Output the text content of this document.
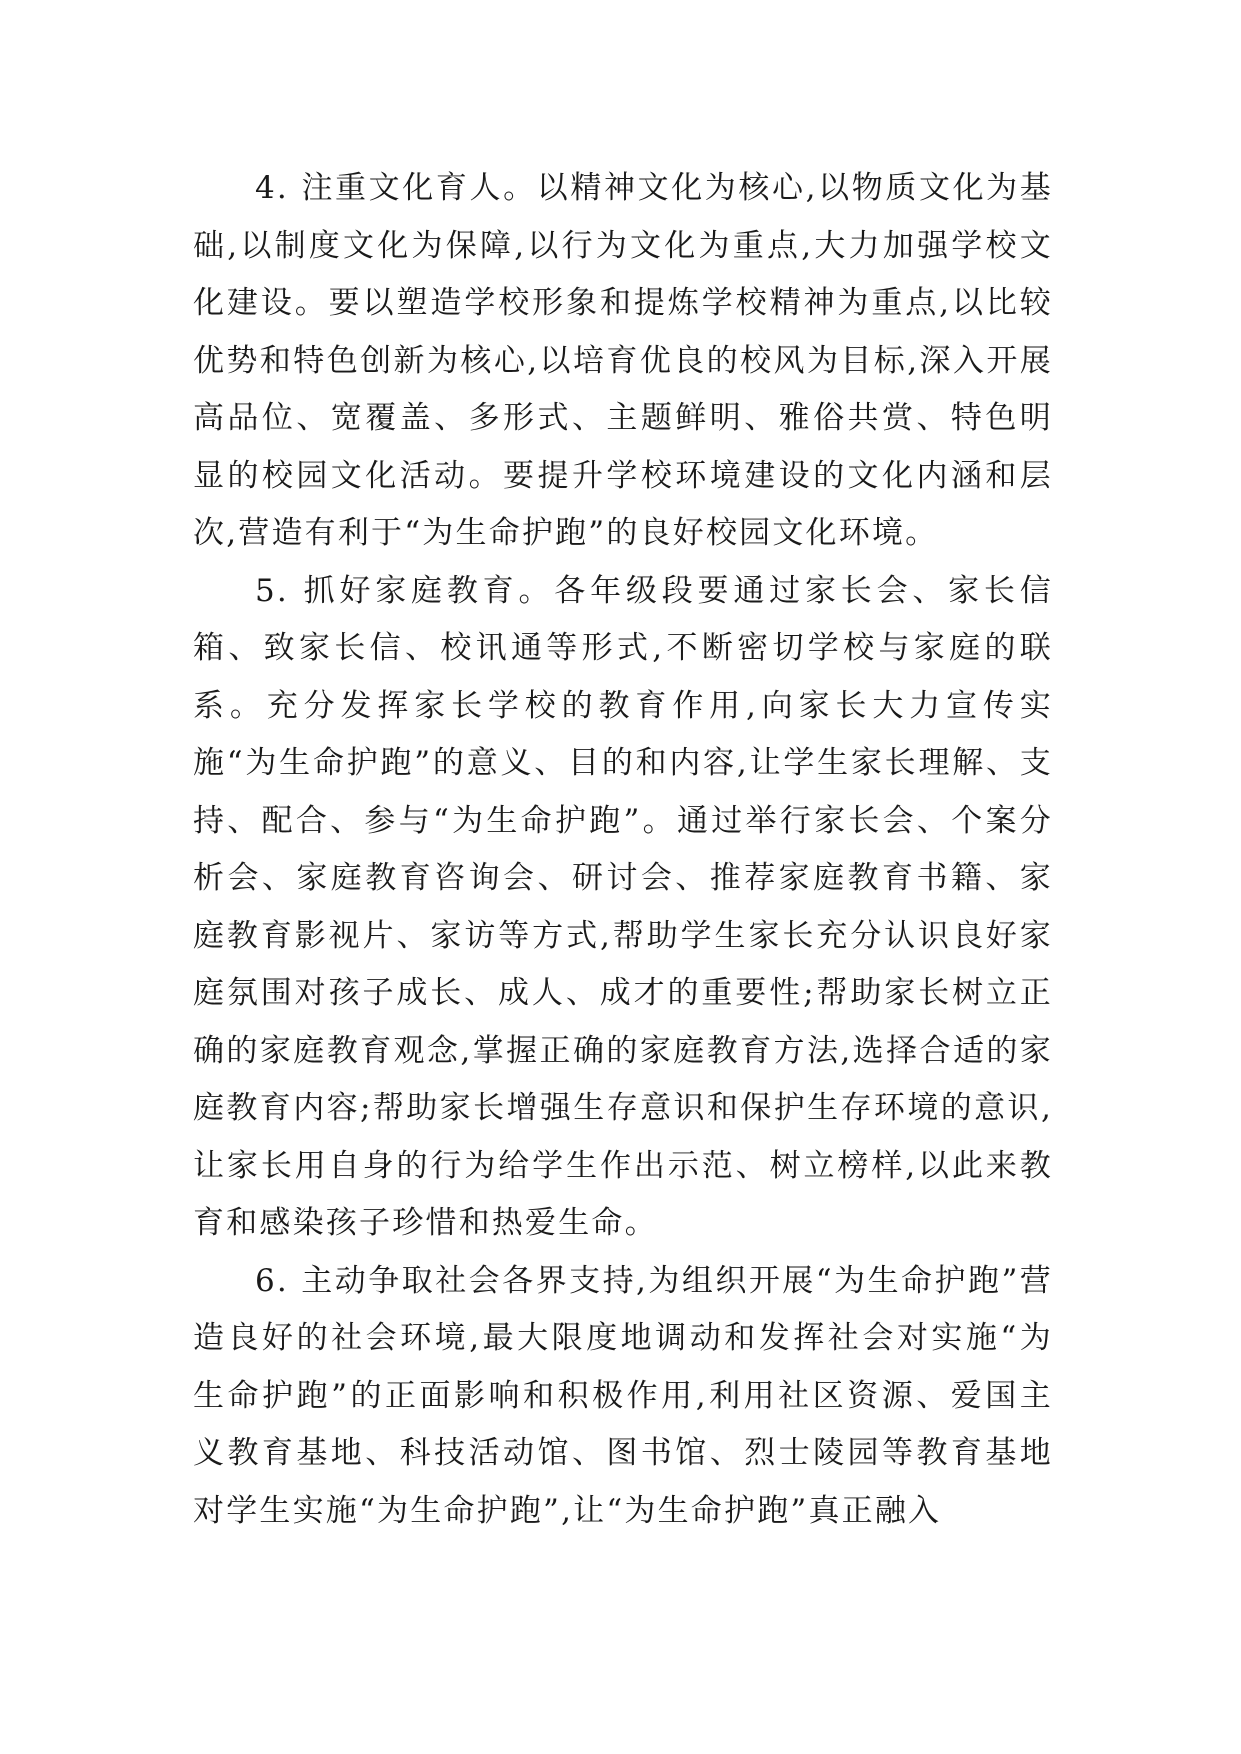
4. 注重文化育人。以精神文化为核心,以物质文化为基础,以制度文化为保障,以行为文化为重点,大力加强学校文化建设。要以塑造学校形象和提炼学校精神为重点,以比较优势和特色创新为核心,以培育优良的校风为目标,深入开展高品位、宽覆盖、多形式、主题鲜明、雅俗共赏、特色明显的校园文化活动。要提升学校环境建设的文化内涵和层次,营造有利于“为生命护跑”的良好校园文化环境。

5. 抓好家庭教育。各年级段要通过家长会、家长信箱、致家长信、校讯通等形式,不断密切学校与家庭的联系。充分发挥家长学校的教育作用,向家长大力宣传实施“为生命护跑”的意义、目的和内容,让学生家长理解、支持、配合、参与“为生命护跑”。通过举行家长会、个案分析会、家庭教育咨询会、研讨会、推荐家庭教育书籍、家庭教育影视片、家访等方式,帮助学生家长充分认识良好家庭氛围对孩子成长、成人、成才的重要性;帮助家长树立正确的家庭教育观念,掌握正确的家庭教育方法,选择合适的家庭教育内容;帮助家长增强生存意识和保护生存环境的意识,让家长用自身的行为给学生作出示范、树立榜样,以此来教育和感染孩子珍惜和热爱生命。

6. 主动争取社会各界支持,为组织开展“为生命护跑”营造良好的社会环境,最大限度地调动和发挥社会对实施“为生命护跑”的正面影响和积极作用,利用社区资源、爱国主义教育基地、科技活动馆、图书馆、烈士陵园等教育基地对学生实施“为生命护跑”,让“为生命护跑”真正融入
